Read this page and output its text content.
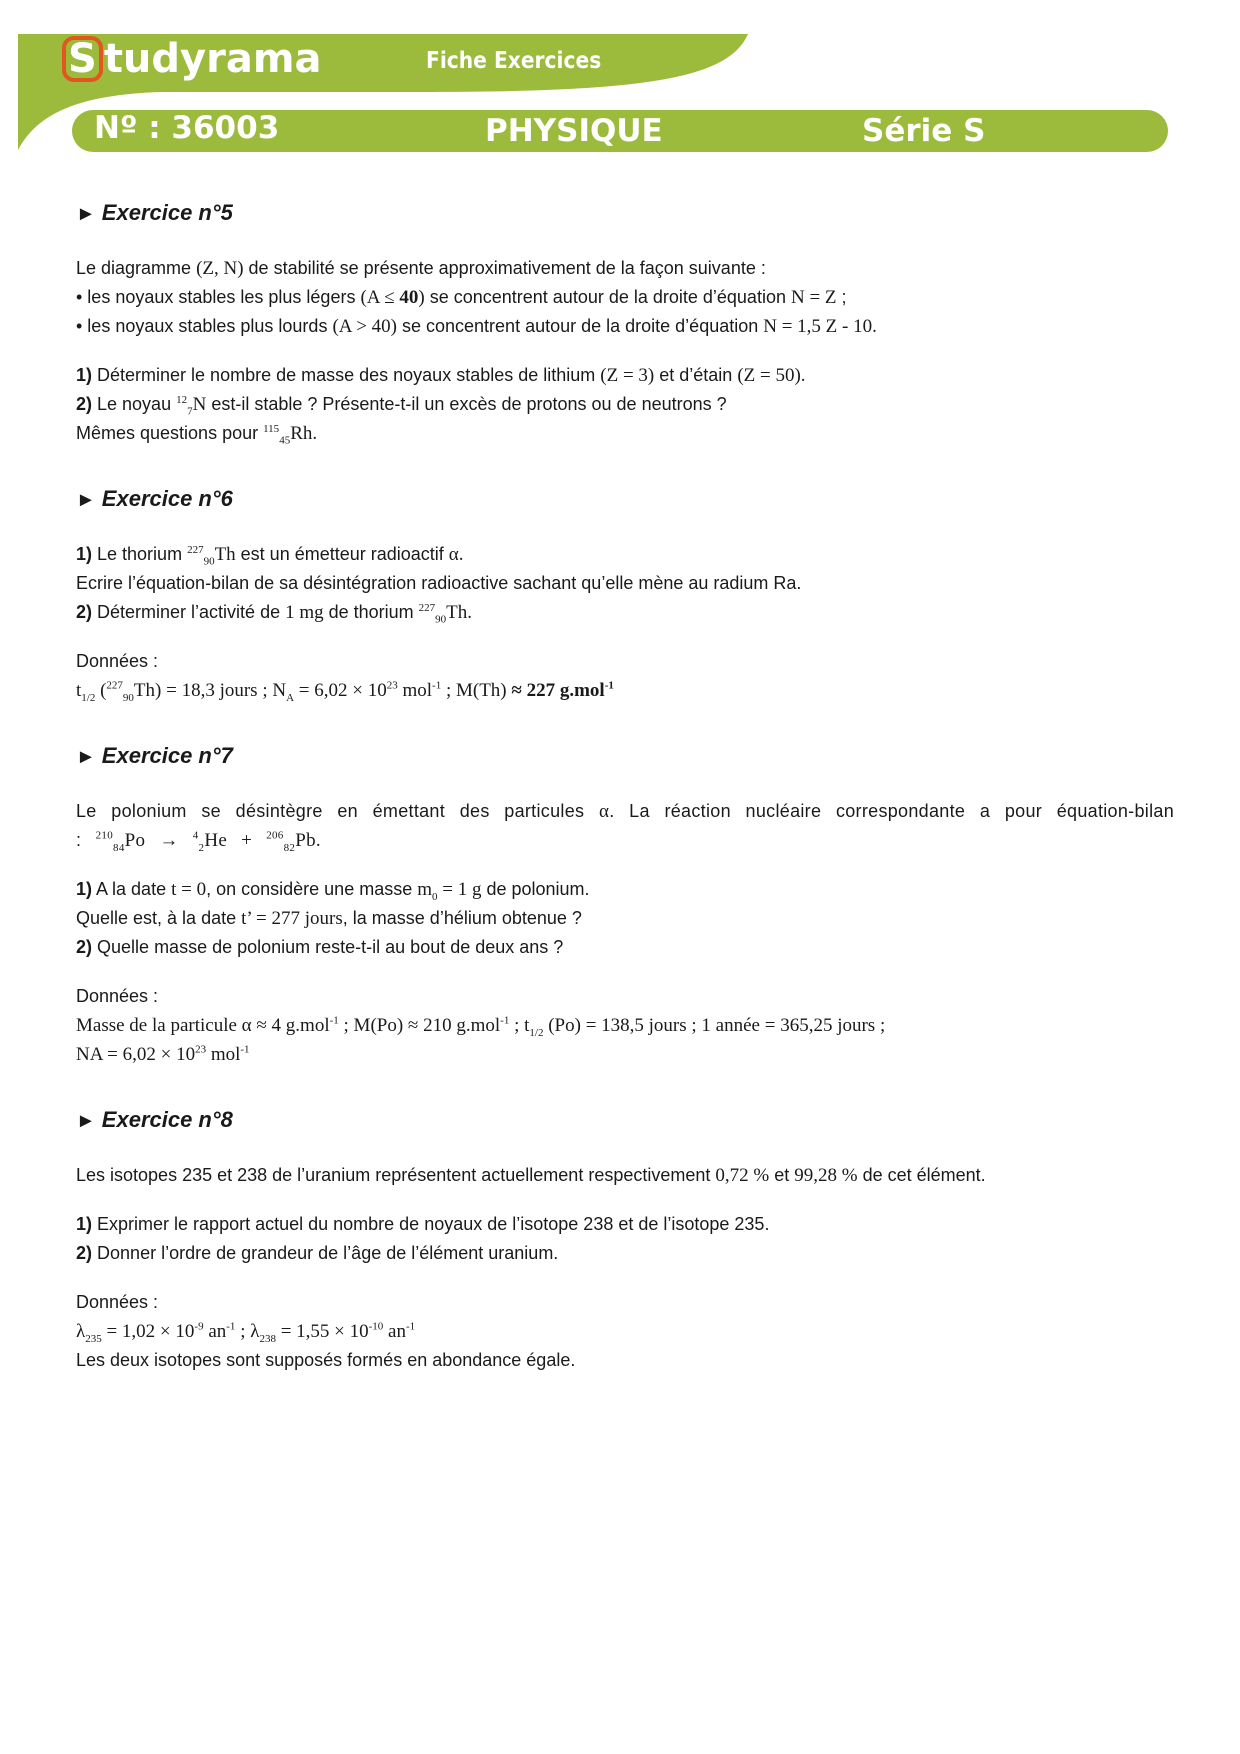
S tudyrama	Fiche Exercices
Nº : 36003	PHYSIQUE	Série S
► Exercice n°5

Le diagramme (Z, N) de stabilité se présente approximativement de la façon suivante :

• les noyaux stables les plus légers (A ≤ 40) se concentrent autour de la droite d’équation N = Z ;

• les noyaux stables plus lourds (A > 40) se concentrent autour de la droite d’équation N = 1,5 Z - 10.

1) Déterminer le nombre de masse des noyaux stables de lithium (Z = 3) et d’étain (Z = 50).

2) Le noyau $^{12}_7$N est-il stable ? Présente-t-il un excès de protons ou de neutrons ?

Mêmes questions pour $^{115}_{45}$Rh.

► Exercice n°6

1) Le thorium $^{227}_{90}$Th est un émetteur radioactif α.

Ecrire l’équation-bilan de sa désintégration radioactive sachant qu’elle mène au radium Ra.

2) Déterminer l’activité de 1 mg de thorium $^{227}_{90}$Th.

Données :

$t_{1/2}$ ($^{227}_{90}$Th) = 18,3 jours ; $N_A = 6,02 \times 10^{23}$ mol$^{-1}$ ; M(Th) ≈ 227 g.mol$^{-1}$

► Exercice n°7

Le polonium se désintègre en émettant des particules α. La réaction nucléaire correspondante a pour équation-bilan : $^{210}_{84}$Po → $^4_2$He + $^{206}_{82}$Pb.

1) A la date t = 0, on considère une masse $m_0 = 1$ g de polonium.

Quelle est, à la date t’ = 277 jours, la masse d’hélium obtenue ?

2) Quelle masse de polonium reste-t-il au bout de deux ans ?

Données :

Masse de la particule α ≈ 4 g.mol$^{-1}$ ; M(Po) ≈ 210 g.mol$^{-1}$ ; $t_{1/2}$ (Po) = 138,5 jours ; 1 année = 365,25 jours ;

NA = $6,02 \times 10^{23}$ mol$^{-1}$

► Exercice n°8

Les isotopes 235 et 238 de l’uranium représentent actuellement respectivement 0,72 % et 99,28 % de cet élément.

1) Exprimer le rapport actuel du nombre de noyaux de l’isotope 238 et de l’isotope 235.

2) Donner l’ordre de grandeur de l’âge de l’élément uranium.

Données :

$\lambda_{235} = 1,02 \times 10^{-9}$ $an^{-1}$ ; $\lambda_{238} = 1,55 \times 10^{-10}$ $an^{-1}$

Les deux isotopes sont supposés formés en abondance égale.
